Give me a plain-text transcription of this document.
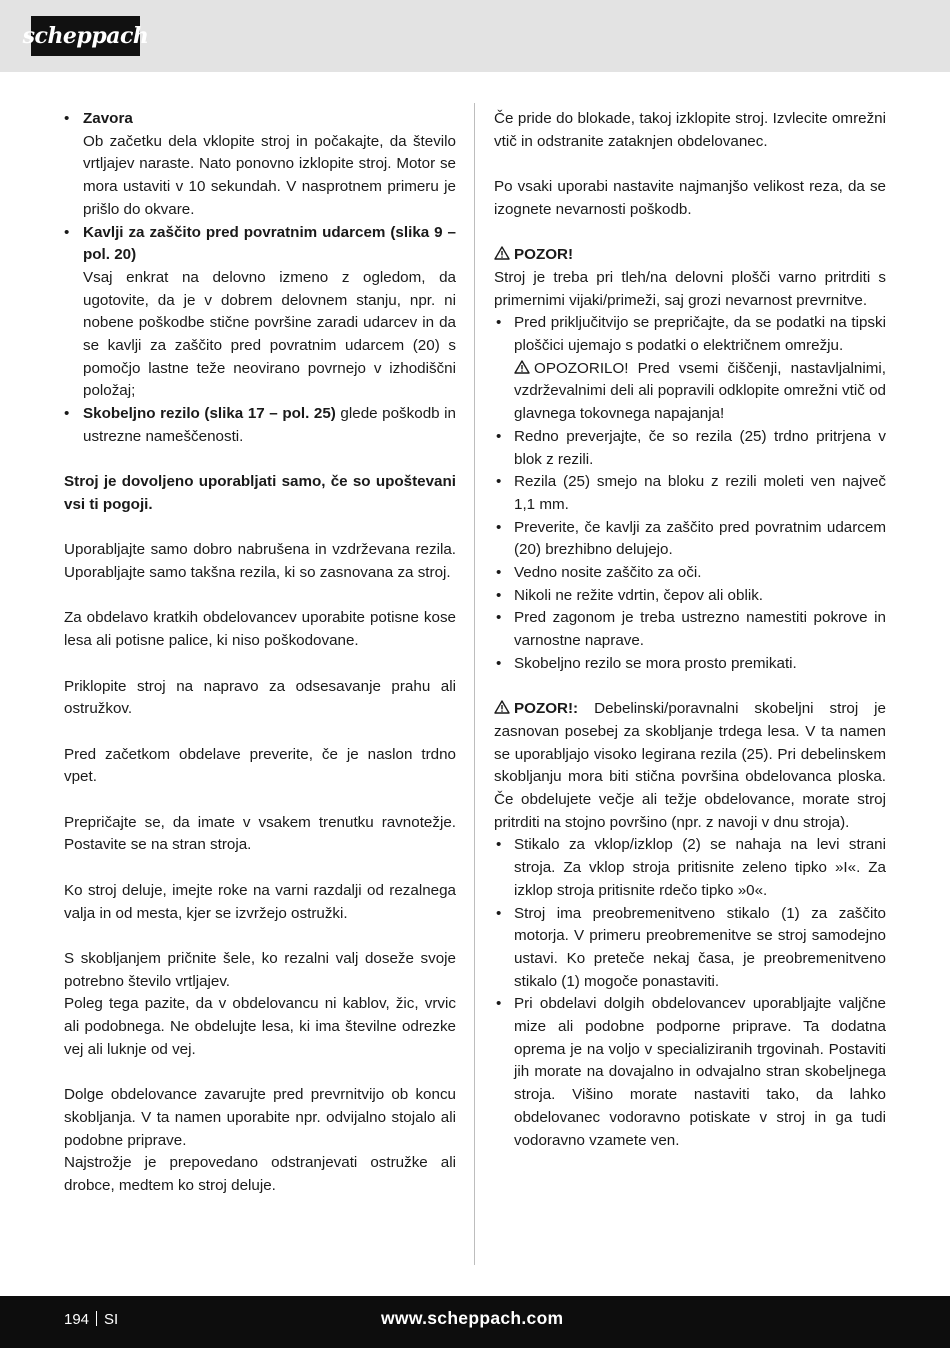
scheppach
• Zavora
Ob začetku dela vklopite stroj in počakajte, da število vrtljajev naraste. Nato ponovno izklopite stroj. Motor se mora ustaviti v 10 sekundah. V nasprotnem primeru je prišlo do okvare.
• Kavlji za zaščito pred povratnim udarcem (slika 9 – pol. 20)
Vsaj enkrat na delovno izmeno z ogledom, da ugotovite, da je v dobrem delovnem stanju, npr. ni nobene poškodbe stične površine zaradi udarcev in da se kavlji za zaščito pred povratnim udarcem (20) s pomočjo lastne teže neovirano povrnejo v izhodiščni položaj;
• Skobeljno rezilo (slika 17 – pol. 25) glede poškodb in ustrezne nameščenosti.

Stroj je dovoljeno uporabljati samo, če so upoštevani vsi ti pogoji.

Uporabljajte samo dobro nabrušena in vzdrževana rezila. Uporabljajte samo takšna rezila, ki so zasnovana za stroj.

Za obdelavo kratkih obdelovancev uporabite potisne kose lesa ali potisne palice, ki niso poškodovane.

Priklopite stroj na napravo za odsesavanje prahu ali ostružkov.

Pred začetkom obdelave preverite, če je naslon trdno vpet.

Prepričajte se, da imate v vsakem trenutku ravnotežje. Postavite se na stran stroja.

Ko stroj deluje, imejte roke na varni razdalji od rezalnega valja in od mesta, kjer se izvržejo ostružki.

S skobljanjem pričnite šele, ko rezalni valj doseže svoje potrebno število vrtljajev.

Poleg tega pazite, da v obdelovancu ni kablov, žic, vrvic ali podobnega. Ne obdelujte lesa, ki ima številne odrezke vej ali luknje od vej.

Dolge obdelovance zavarujte pred prevrnitvijo ob koncu skobljanja. V ta namen uporabite npr. odvijalno stojalo ali podobne priprave.

Najstrožje je prepovedano odstranjevati ostružke ali drobce, medtem ko stroj deluje.

Če pride do blokade, takoj izklopite stroj. Izvlecite omrežni vtič in odstranite zataknjen obdelovanec.

Po vsaki uporabi nastavite najmanjšo velikost reza, da se izognete nevarnosti poškodb.

POZOR!

Stroj je treba pri tleh/na delovni plošči varno pritrditi s primernimi vijaki/primeži, saj grozi nevarnost prevrnitve.

• Pred priključitvijo se prepričajte, da se podatki na tipski ploščici ujemajo s podatki o električnem omrežju.
OPOZORILO! Pred vsemi čiščenji, nastavljalnimi, vzdrževalnimi deli ali popravili odklopite omrežni vtič od glavnega tokovnega napajanja!
• Redno preverjajte, če so rezila (25) trdno pritrjena v blok z rezili.
• Rezila (25) smejo na bloku z rezili moleti ven največ 1,1 mm.
• Preverite, če kavlji za zaščito pred povratnim udarcem (20) brezhibno delujejo.
• Vedno nosite zaščito za oči.
• Nikoli ne režite vdrtin, čepov ali oblik.
• Pred zagonom je treba ustrezno namestiti pokrove in varnostne naprave.
• Skobeljno rezilo se mora prosto premikati.

POZOR!: Debelinski/poravnalni skobeljni stroj je zasnovan posebej za skobljanje trdega lesa. V ta namen se uporabljajo visoko legirana rezila (25). Pri debelinskem skobljanju mora biti stična površina obdelovanca ploska. Če obdelujete večje ali težje obdelovance, morate stroj pritrditi na stojno površino (npr. z navoji v dnu stroja).

• Stikalo za vklop/izklop (2) se nahaja na levi strani stroja. Za vklop stroja pritisnite zeleno tipko »I«. Za izklop stroja pritisnite rdečo tipko »0«.
• Stroj ima preobremenitveno stikalo (1) za zaščito motorja. V primeru preobremenitve se stroj samodejno ustavi. Ko preteče nekaj časa, je preobremenitveno stikalo (1) mogoče ponastaviti.
• Pri obdelavi dolgih obdelovancev uporabljajte valjčne mize ali podobne podporne priprave. Ta dodatna oprema je na voljo v specializiranih trgovinah. Postaviti jih morate na dovajalno in odvajalno stran skobeljnega stroja. Višino morate nastaviti tako, da lahko obdelovanec vodoravno potiskate v stroj in ga tudi vodoravno vzamete ven.
194 SI	www.scheppach.com
